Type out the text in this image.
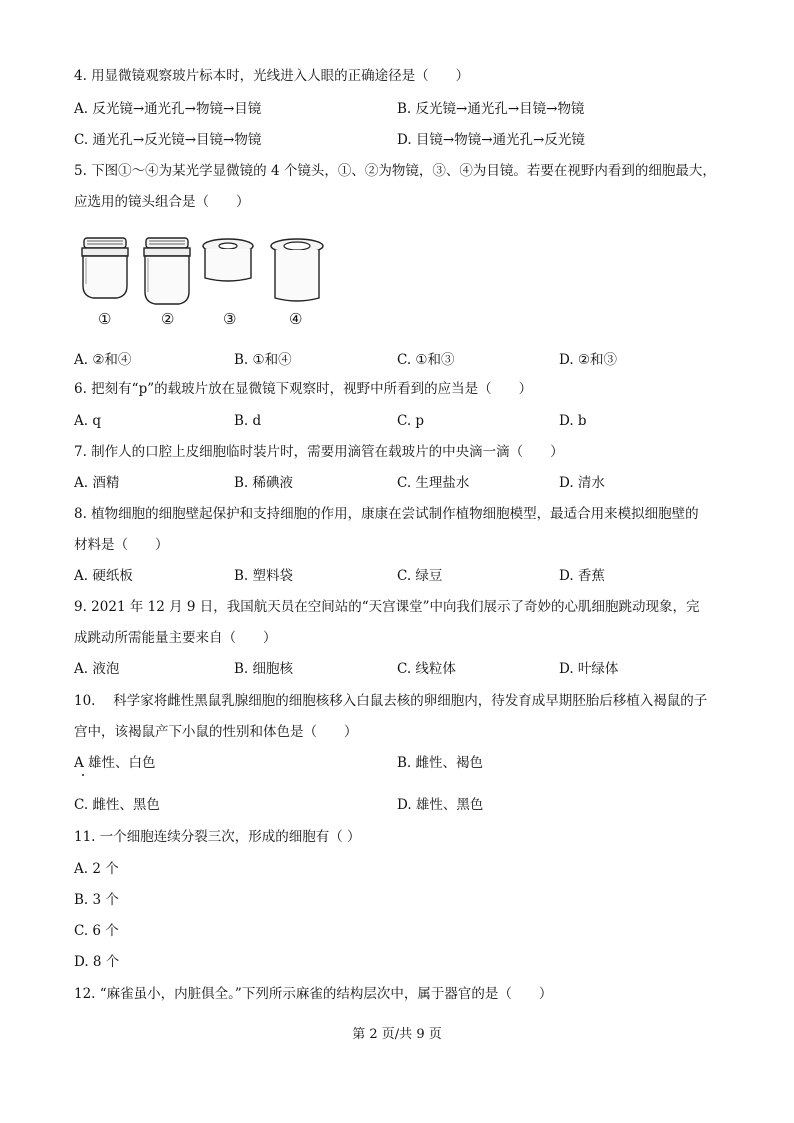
4. 用显微镜观察玻片标本时，光线进入人眼的正确途径是（　　）
A. 反光镜→通光孔→物镜→目镜	B. 反光镜→通光孔→目镜→物镜
C. 通光孔→反光镜→目镜→物镜	D. 目镜→物镜→通光孔→反光镜
5. 下图①～④为某光学显微镜的 4 个镜头，①、②为物镜，③、④为目镜。若要在视野内看到的细胞最大，
应选用的镜头组合是（　　）
①	②	③	④
A. ②和④	B. ①和④	C. ①和③	D. ②和③
6. 把刻有“p”的载玻片放在显微镜下观察时，视野中所看到的应当是（　　）
A. q	B. d	C. p	D. b
7. 制作人的口腔上皮细胞临时装片时，需要用滴管在载玻片的中央滴一滴（　　）
A. 酒精	B. 稀碘液	C. 生理盐水	D. 清水
8. 植物细胞的细胞壁起保护和支持细胞的作用，康康在尝试制作植物细胞模型，最适合用来模拟细胞壁的
材料是（　　）
A. 硬纸板	B. 塑料袋	C. 绿豆	D. 香蕉
9. 2021 年 12 月 9 日，我国航天员在空间站的“天宫课堂”中向我们展示了奇妙的心肌细胞跳动现象，完
成跳动所需能量主要来自（　　）
A. 液泡	B. 细胞核	C. 线粒体	D. 叶绿体
10.　 科学家将雌性黑鼠乳腺细胞的细胞核移入白鼠去核的卵细胞内，待发育成早期胚胎后移植入褐鼠的子
宫中，该褐鼠产下小鼠的性别和体色是（　　）
A 雄性、白色	B. 雌性、褐色
C. 雌性、黑色	D. 雄性、黑色
11. 一个细胞连续分裂三次，形成的细胞有（ ）
A. 2 个
B. 3 个
C. 6 个
D. 8 个
12. “麻雀虽小，内脏俱全。”下列所示麻雀的结构层次中，属于器官的是（　　）
第 2 页/共 9 页
